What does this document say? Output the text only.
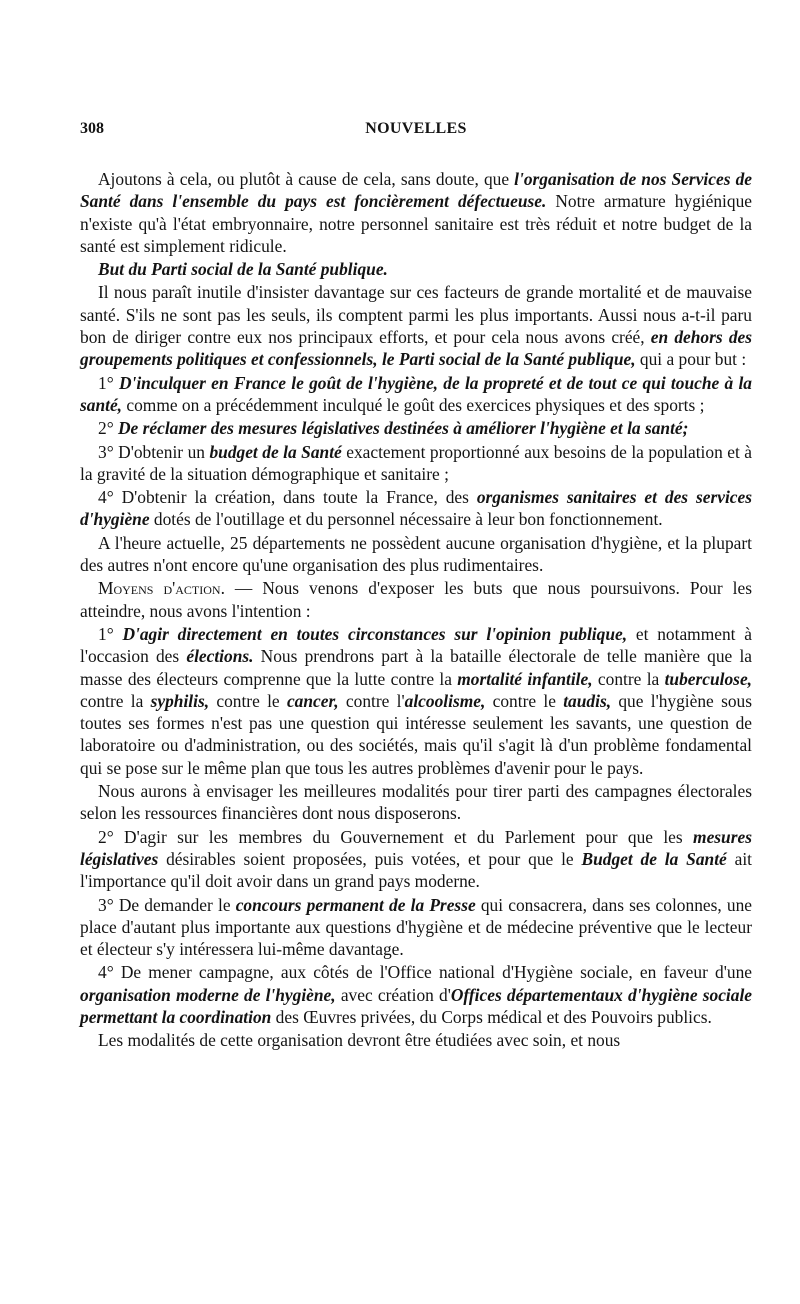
308	NOUVELLES

Ajoutons à cela, ou plutôt à cause de cela, sans doute, que l'organisation de nos Services de Santé dans l'ensemble du pays est foncièrement défectueuse. Notre armature hygiénique n'existe qu'à l'état embryonnaire, notre personnel sanitaire est très réduit et notre budget de la santé est simplement ridicule.

But du Parti social de la Santé publique.

Il nous paraît inutile d'insister davantage sur ces facteurs de grande mortalité et de mauvaise santé. S'ils ne sont pas les seuls, ils comptent parmi les plus importants. Aussi nous a-t-il paru bon de diriger contre eux nos principaux efforts, et pour cela nous avons créé, en dehors des groupements politiques et confessionnels, le Parti social de la Santé publique, qui a pour but :

1° D'inculquer en France le goût de l'hygiène, de la propreté et de tout ce qui touche à la santé, comme on a précédemment inculqué le goût des exercices physiques et des sports ;

2° De réclamer des mesures législatives destinées à améliorer l'hygiène et la santé;

3° D'obtenir un budget de la Santé exactement proportionné aux besoins de la population et à la gravité de la situation démographique et sanitaire ;

4° D'obtenir la création, dans toute la France, des organismes sanitaires et des services d'hygiène dotés de l'outillage et du personnel nécessaire à leur bon fonctionnement.

A l'heure actuelle, 25 départements ne possèdent aucune organisation d'hygiène, et la plupart des autres n'ont encore qu'une organisation des plus rudimentaires.

Moyens d'action. — Nous venons d'exposer les buts que nous poursuivons. Pour les atteindre, nous avons l'intention :

1° D'agir directement en toutes circonstances sur l'opinion publique, et notamment à l'occasion des élections. Nous prendrons part à la bataille électorale de telle manière que la masse des électeurs comprenne que la lutte contre la mortalité infantile, contre la tuberculose, contre la syphilis, contre le cancer, contre l'alcoolisme, contre le taudis, que l'hygiène sous toutes ses formes n'est pas une question qui intéresse seulement les savants, une question de laboratoire ou d'administration, ou des sociétés, mais qu'il s'agit là d'un problème fondamental qui se pose sur le même plan que tous les autres problèmes d'avenir pour le pays.

Nous aurons à envisager les meilleures modalités pour tirer parti des campagnes électorales selon les ressources financières dont nous disposerons.

2° D'agir sur les membres du Gouvernement et du Parlement pour que les mesures législatives désirables soient proposées, puis votées, et pour que le Budget de la Santé ait l'importance qu'il doit avoir dans un grand pays moderne.

3° De demander le concours permanent de la Presse qui consacrera, dans ses colonnes, une place d'autant plus importante aux questions d'hygiène et de médecine préventive que le lecteur et électeur s'y intéressera lui-même davantage.

4° De mener campagne, aux côtés de l'Office national d'Hygiène sociale, en faveur d'une organisation moderne de l'hygiène, avec création d'Offices départementaux d'hygiène sociale permettant la coordination des Œuvres privées, du Corps médical et des Pouvoirs publics.

Les modalités de cette organisation devront être étudiées avec soin, et nous
